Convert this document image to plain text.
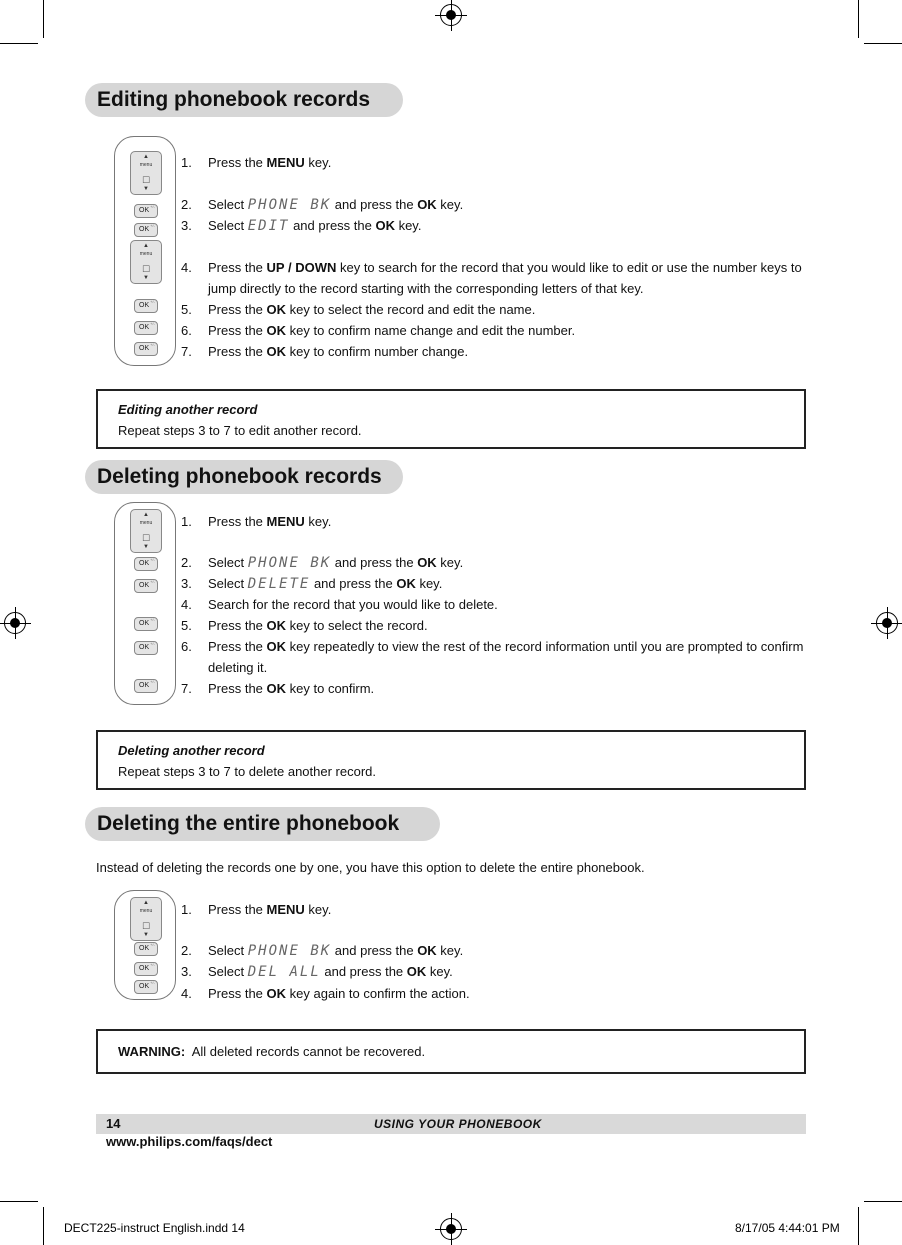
Editing phonebook records
▲
menu
☐
▼
OK
+/-
OK
+/-
▲
menu
☐
▼
OK
+/-
OK
+/-
OK
+/-
1.	Press the MENU key.
2.	Select PHONE BK and press the OK key.
3.	Select EDIT and press the OK key.
4.	Press the UP / DOWN key to search for the record that you would like to edit or use the number keys to jump directly to the record starting with the corresponding letters of that key.
5.	Press the OK key to select the record and edit the name.
6.	Press the OK key to confirm name change and edit the number.
7.	Press the OK key to confirm number change.
Editing another record
Repeat steps 3 to 7 to edit another record.
Deleting phonebook records
▲
menu
☐
▼
OK
+/-
OK
+/-
OK
+/-
OK
+/-
OK
+/-
1.	Press the MENU key.
2.	Select PHONE BK and press the OK key.
3.	Select DELETE and press the OK key.
4.	Search for the record that you would like to delete.
5.	Press the OK key to select the record.
6.	Press the OK key repeatedly to view the rest of the record information until you are prompted to confirm deleting it.
7.	Press the OK key to confirm.
Deleting another record
Repeat steps 3 to 7 to delete another record.
Deleting the entire phonebook
Instead of deleting the records one by one, you have this option to delete the entire phonebook.
▲
menu
☐
▼
OK
+/-
OK
+/-
OK
+/-
1.	Press the MENU key.
2.	Select PHONE BK and press the OK key.
3.	Select DEL ALL and press the OK key.
4.	Press the OK key again to confirm the action.
WARNING: All deleted records cannot be recovered.
14	USING YOUR PHONEBOOK
www.philips.com/faqs/dect
DECT225-instruct English.indd 14	8/17/05 4:44:01 PM
